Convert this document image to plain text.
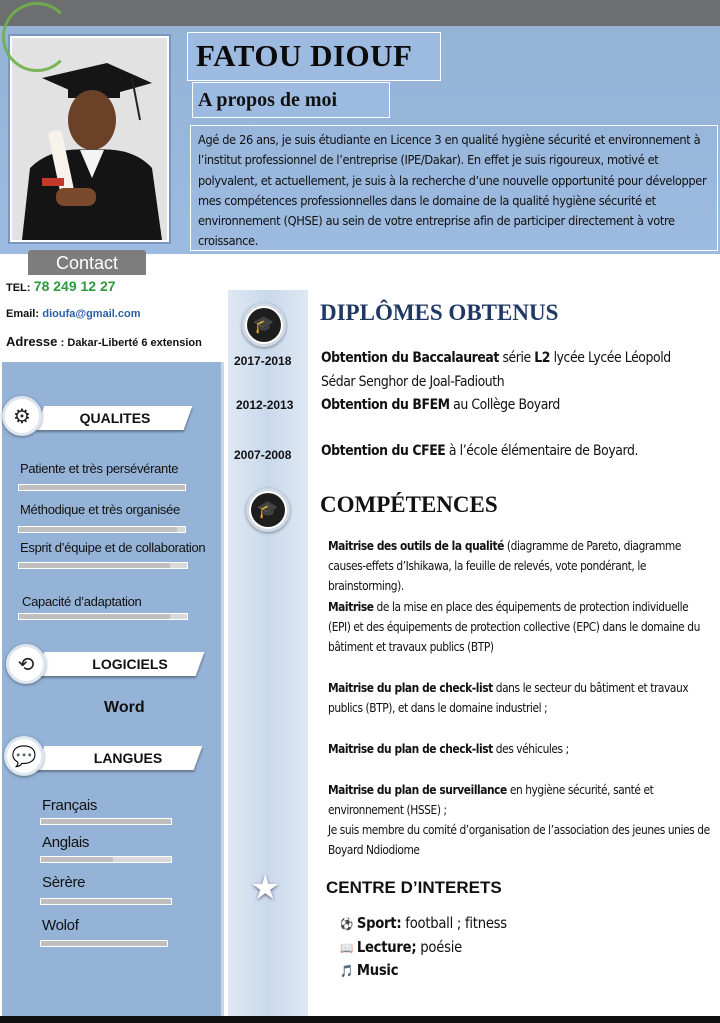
FATOU DIOUF
A propos de moi
Agé de 26 ans, je suis étudiante en Licence 3 en qualité hygiène sécurité et environnement à l’institut professionnel de l’entreprise (IPE/Dakar). En effet je suis rigoureux, motivé et polyvalent, et actuellement, je suis à la recherche d’une nouvelle opportunité pour développer mes compétences professionnelles dans le domaine de la qualité hygiène sécurité et environnement (QHSE) au sein de votre entreprise afin de participer directement à votre croissance.
Contact
TEL: 78 249 12 27
Email: dioufa@gmail.com
Adresse : Dakar-Liberté 6 extension
QUALITES
⚙
Patiente et très persévérante
Méthodique et très organisée
Esprit d’équipe et de collaboration
Capacité d’adaptation
LOGICIELS
⟲
Word
LANGUES
💬
Français
Anglais
Sèrère
Wolof
🎓
2017-2018
2012-2013
2007-2008
🎓
★
DIPLÔMES OBTENUS
Obtention du Baccalaureat série L2 lycée Lycée Léopold Sédar Senghor de Joal-Fadiouth
Obtention du BFEM au Collège Boyard
Obtention du CFEE à l’école élémentaire de Boyard.
COMPÉTENCES
Maitrise des outils de la qualité (diagramme de Pareto, diagramme causes-effets d’Ishikawa, la feuille de relevés, vote pondérant, le brainstorming).
Maitrise de la mise en place des équipements de protection individuelle (EPI) et des équipements de protection collective (EPC) dans le domaine du bâtiment et travaux publics (BTP)
Maitrise du plan de check-list dans le secteur du bâtiment et travaux publics (BTP), et dans le domaine industriel ;
Maitrise du plan de check-list des véhicules ;
Maitrise du plan de surveillance en hygiène sécurité, santé et environnement (HSSE) ;
Je suis membre du comité d’organisation de l’association des jeunes unies de Boyard Ndiodiome
CENTRE D’INTERETS
⚽ Sport: football ; fitness
📖 Lecture; poésie
🎵 Music
